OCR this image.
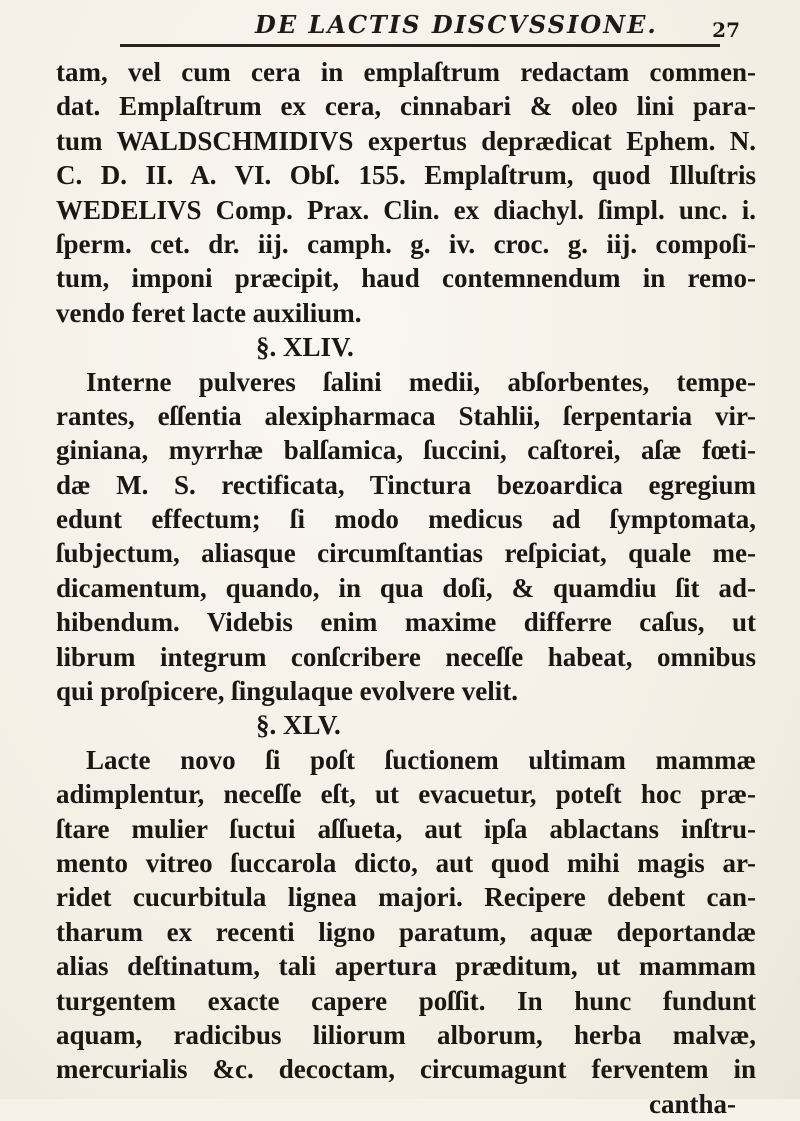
DE LACTIS DISCVSSIONE.	27
tam, vel cum cera in emplaſtrum redactam commen-
dat. Emplaſtrum ex cera, cinnabari & oleo lini para-
tum WALDSCHMIDIVS expertus deprædicat Ephem. N.
C. D. II. A. VI. Obſ. 155. Emplaſtrum, quod Illuſtris
WEDELIVS Comp. Prax. Clin. ex diachyl. ſimpl. unc. i.
ſperm. cet. dr. iij. camph. g. iv. croc. g. iij. compoſi-
tum, imponi præcipit, haud contemnendum in remo-
vendo feret lacte auxilium.
§. XLIV.
Interne pulveres ſalini medii, abſorbentes, tempe-
rantes, eſſentia alexipharmaca Stahlii, ſerpentaria vir-
giniana, myrrhæ balſamica, ſuccini, caſtorei, aſæ fœti-
dæ M. S. rectificata, Tinctura bezoardica egregium
edunt effectum; ſi modo medicus ad ſymptomata,
ſubjectum, aliasque circumſtantias reſpiciat, quale me-
dicamentum, quando, in qua doſi, & quamdiu ſit ad-
hibendum. Videbis enim maxime differre caſus, ut
librum integrum conſcribere neceſſe habeat, omnibus
qui proſpicere, ſingulaque evolvere velit.
§. XLV.
Lacte novo ſi poſt ſuctionem ultimam mammæ
adimplentur, neceſſe eſt, ut evacuetur, poteſt hoc præ-
ſtare mulier ſuctui aſſueta, aut ipſa ablactans inſtru-
mento vitreo ſuccarola dicto, aut quod mihi magis ar-
ridet cucurbitula lignea majori. Recipere debent can-
tharum ex recenti ligno paratum, aquæ deportandæ
alias deſtinatum, tali apertura præditum, ut mammam
turgentem exacte capere poſſit. In hunc fundunt
aquam, radicibus liliorum alborum, herba malvæ,
mercurialis &c. decoctam, circumagunt ferventem in
cantha-
